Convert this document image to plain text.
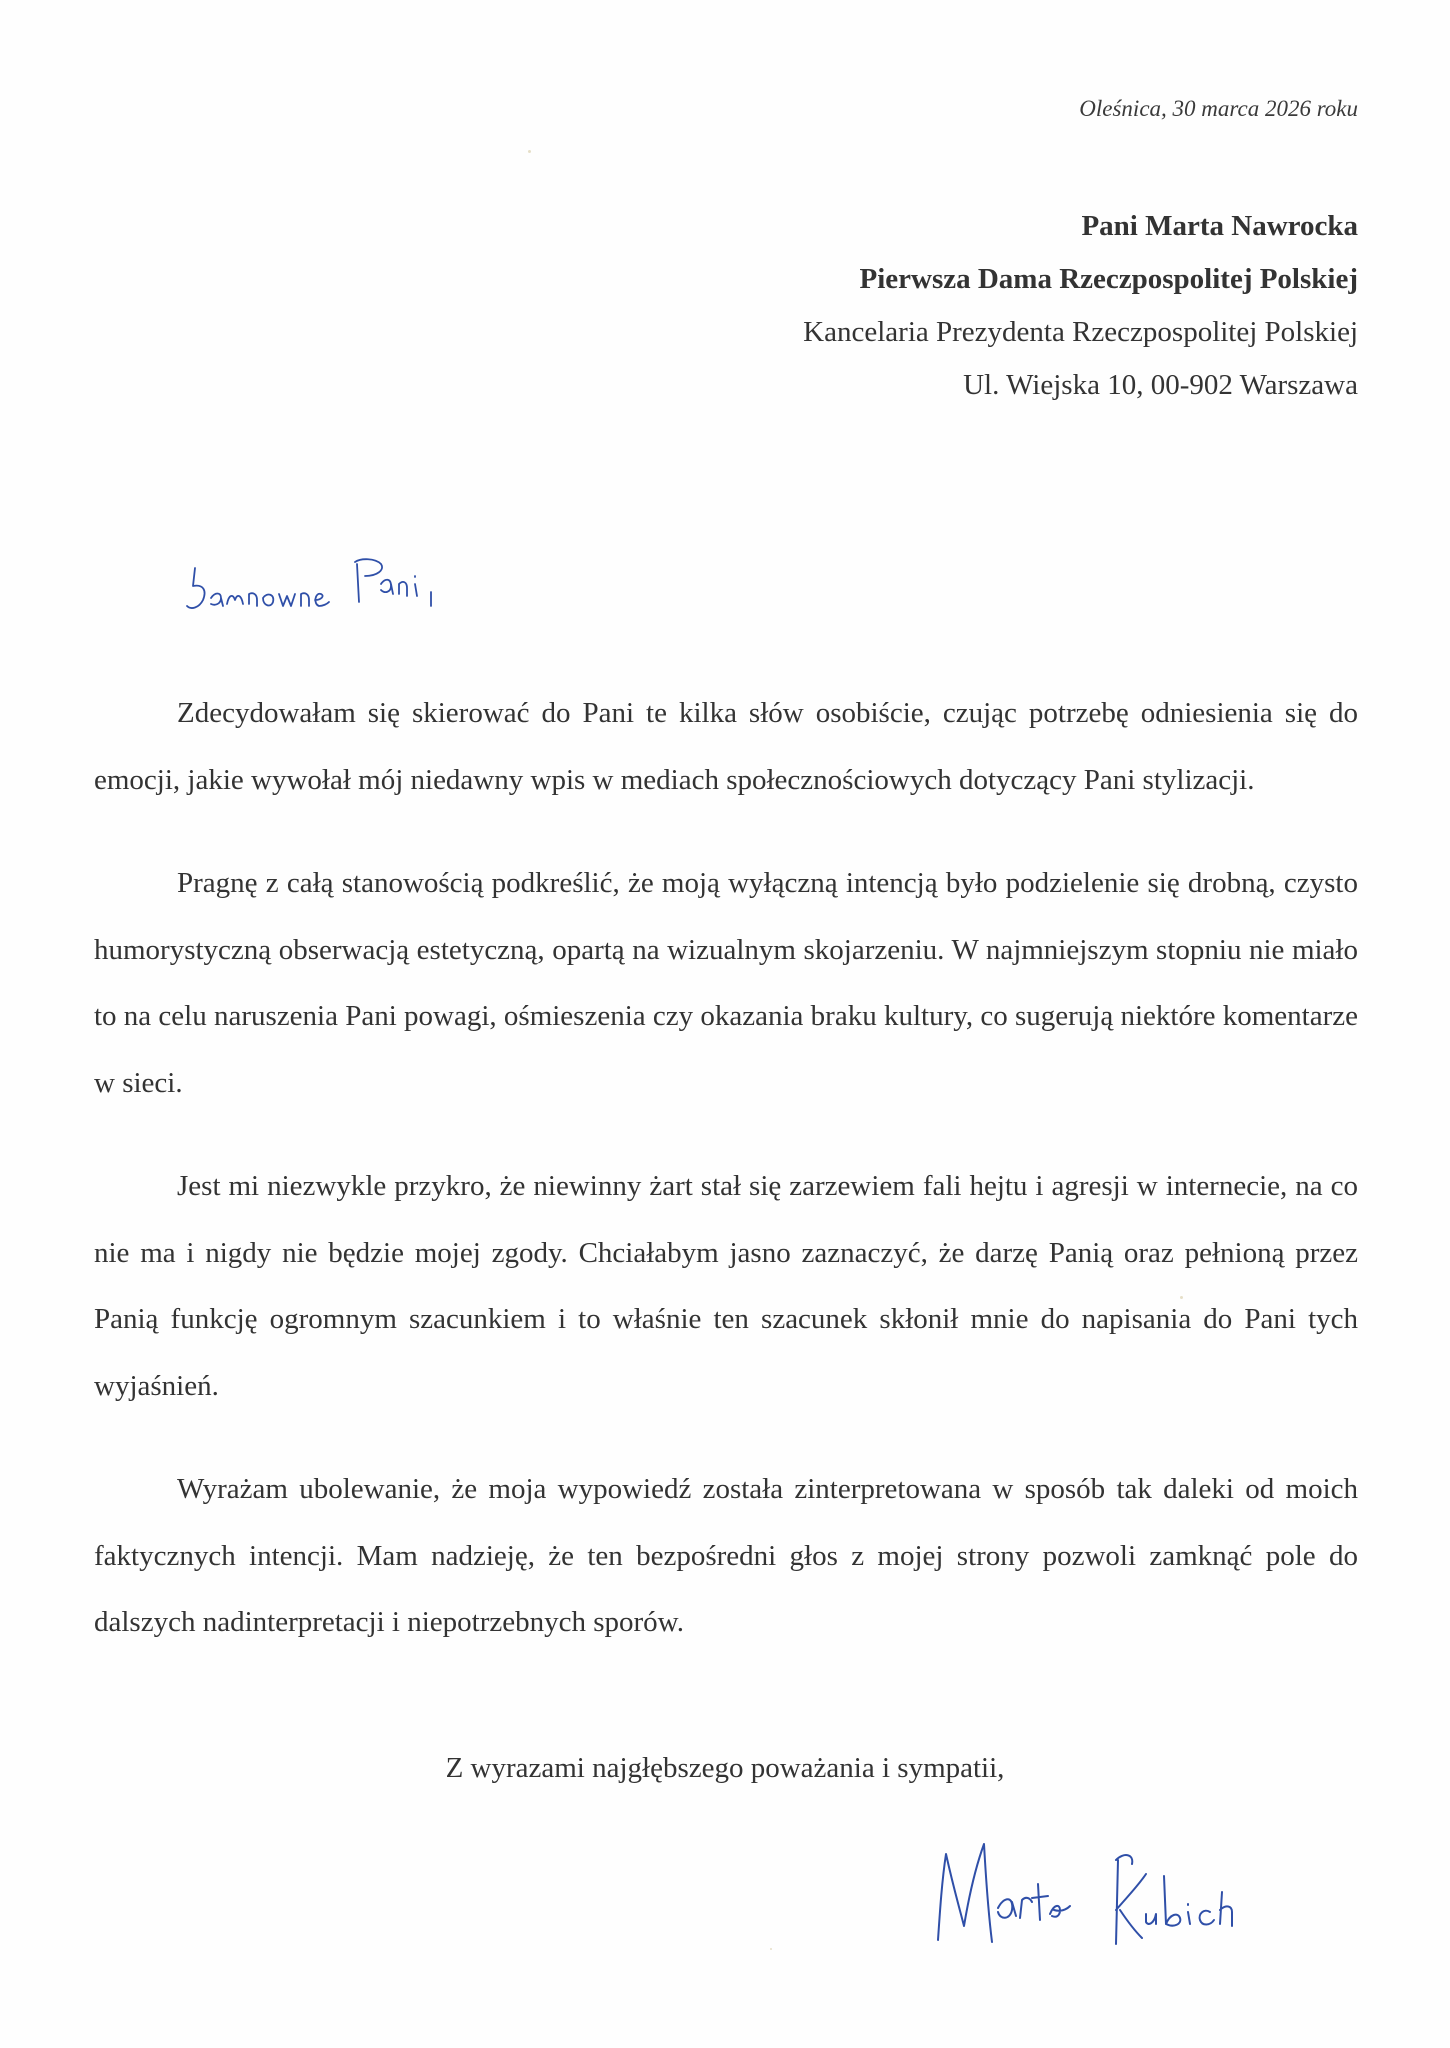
Oleśnica, 30 marca 2026 roku
Pani Marta Nawrocka
Pierwsza Dama Rzeczpospolitej Polskiej
Kancelaria Prezydenta Rzeczpospolitej Polskiej
Ul. Wiejska 10, 00-902 Warszawa

Zdecydowałam się skierować do Pani te kilka słów osobiście, czując potrzebę odniesienia się do emocji, jakie wywołał mój niedawny wpis w mediach społecznościowych dotyczący Pani stylizacji.

Pragnę z całą stanowością podkreślić, że moją wyłączną intencją było podzielenie się drobną, czysto humorystyczną obserwacją estetyczną, opartą na wizualnym skojarzeniu. W najmniejszym stopniu nie miało to na celu naruszenia Pani powagi, ośmieszenia czy okazania braku kultury, co sugerują niektóre komentarze w sieci.

Jest mi niezwykle przykro, że niewinny żart stał się zarzewiem fali hejtu i agresji w internecie, na co nie ma i nigdy nie będzie mojej zgody. Chciałabym jasno zaznaczyć, że darzę Panią oraz pełnioną przez Panią funkcję ogromnym szacunkiem i to właśnie ten szacunek skłonił mnie do napisania do Pani tych wyjaśnień.

Wyrażam ubolewanie, że moja wypowiedź została zinterpretowana w sposób tak daleki od moich faktycznych intencji. Mam nadzieję, że ten bezpośredni głos z mojej strony pozwoli zamknąć pole do dalszych nadinterpretacji i niepotrzebnych sporów.

Z wyrazami najgłębszego poważania i sympatii,
